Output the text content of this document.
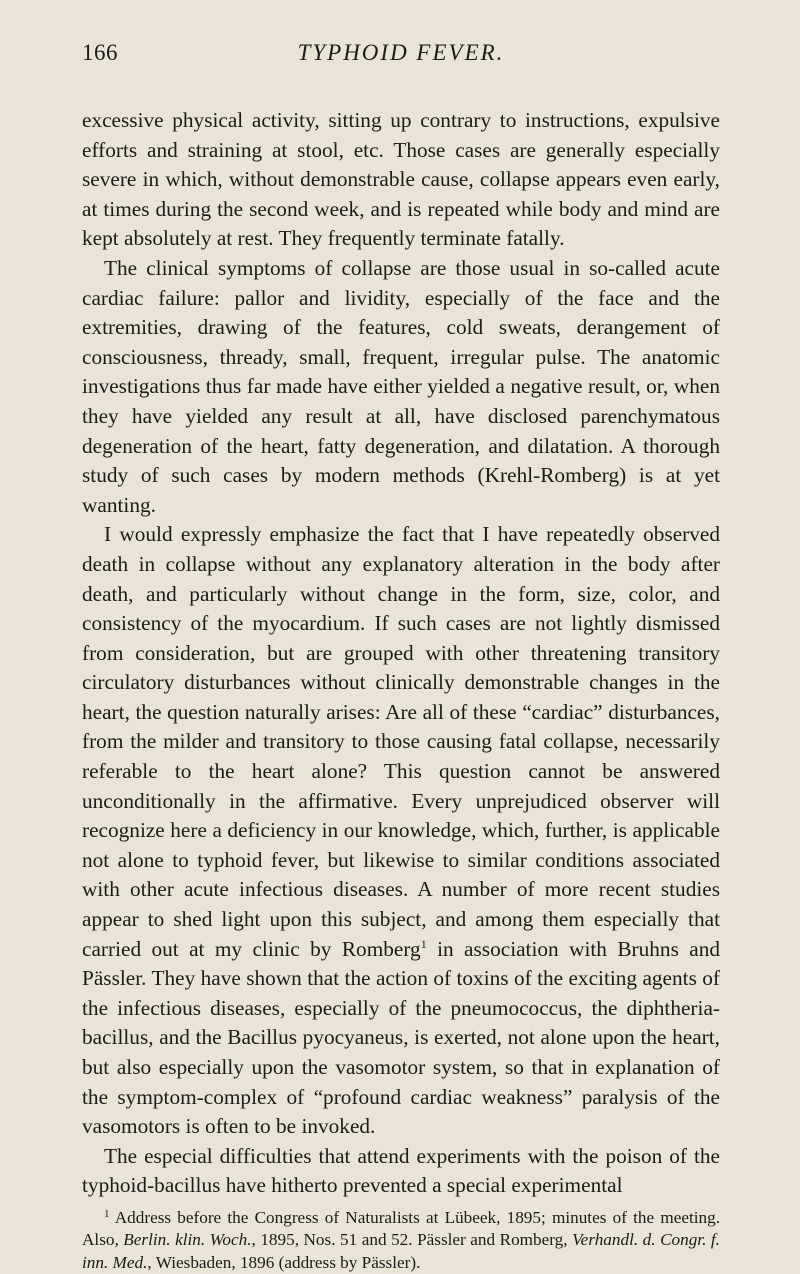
166	TYPHOID FEVER.

excessive physical activity, sitting up contrary to instructions, expulsive efforts and straining at stool, etc. Those cases are generally especially severe in which, without demonstrable cause, collapse appears even early, at times during the second week, and is repeated while body and mind are kept absolutely at rest. They frequently terminate fatally.

The clinical symptoms of collapse are those usual in so-called acute cardiac failure: pallor and lividity, especially of the face and the extremities, drawing of the features, cold sweats, derangement of consciousness, thready, small, frequent, irregular pulse. The anatomic investigations thus far made have either yielded a negative result, or, when they have yielded any result at all, have disclosed parenchymatous degeneration of the heart, fatty degeneration, and dilatation. A thorough study of such cases by modern methods (Krehl-Romberg) is at yet wanting.

I would expressly emphasize the fact that I have repeatedly observed death in collapse without any explanatory alteration in the body after death, and particularly without change in the form, size, color, and consistency of the myocardium. If such cases are not lightly dismissed from consideration, but are grouped with other threatening transitory circulatory disturbances without clinically demonstrable changes in the heart, the question naturally arises: Are all of these “cardiac” disturbances, from the milder and transitory to those causing fatal collapse, necessarily referable to the heart alone? This question cannot be answered unconditionally in the affirmative. Every unprejudiced observer will recognize here a deficiency in our knowledge, which, further, is applicable not alone to typhoid fever, but likewise to similar conditions associated with other acute infectious diseases. A number of more recent studies appear to shed light upon this subject, and among them especially that carried out at my clinic by Romberg$^1$ in association with Bruhns and Pässler. They have shown that the action of toxins of the exciting agents of the infectious diseases, especially of the pneumococcus, the diphtheria-bacillus, and the Bacillus pyocyaneus, is exerted, not alone upon the heart, but also especially upon the vasomotor system, so that in explanation of the symptom-complex of “profound cardiac weakness” paralysis of the vasomotors is often to be invoked.

The especial difficulties that attend experiments with the poison of the typhoid-bacillus have hitherto prevented a special experimental

$^1$ Address before the Congress of Naturalists at Lübeek, 1895; minutes of the meeting. Also, Berlin. klin. Woch., 1895, Nos. 51 and 52. Pässler and Romberg, Verhandl. d. Congr. f. inn. Med., Wiesbaden, 1896 (address by Pässler).
